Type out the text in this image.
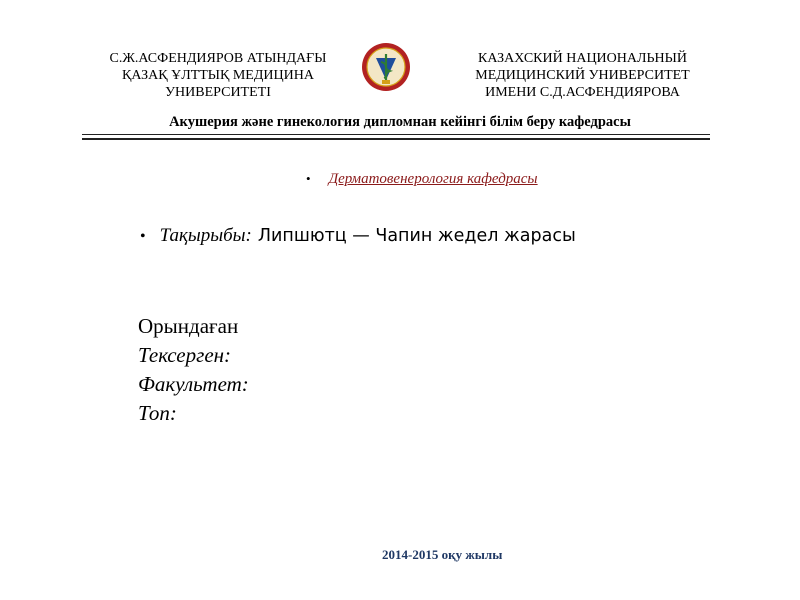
С.Ж.АСФЕНДИЯРОВ АТЫНДАҒЫ
ҚАЗАҚ ҰЛТТЫҚ МЕДИЦИНА
УНИВЕРСИТЕТІ
КАЗАХСКИЙ НАЦИОНАЛЬНЫЙ
МЕДИЦИНСКИЙ УНИВЕРСИТЕТ
ИМЕНИ С.Д.АСФЕНДИЯРОВА
Акушерия және гинекология дипломнан кейінгі білім беру кафедрасы
• Дерматовенерология кафедрасы
• Тақырыбы: Липшютц — Чапин жедел жарасы
Орындаған
Тексерген:
Факультет:
Топ:
2014-2015 оқу жылы
